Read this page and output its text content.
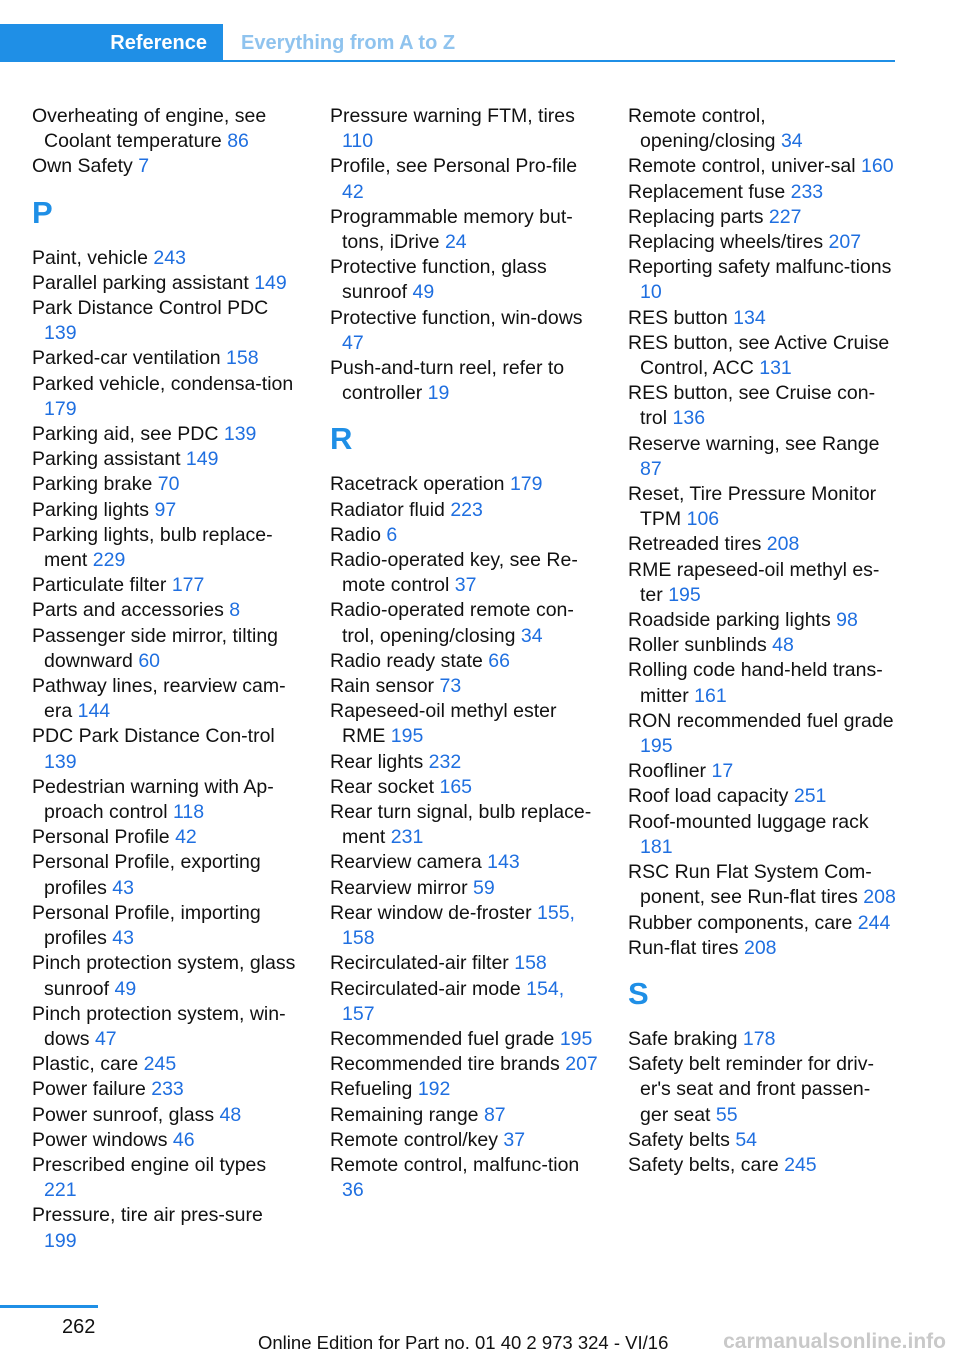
Reference	Everything from A to Z
Overheating of engine, see Coolant temperature 86
Own Safety 7
P
Paint, vehicle 243
Parallel parking assistant 149
Park Distance Control PDC 139
Parked-car ventilation 158
Parked vehicle, condensa-tion 179
Parking aid, see PDC 139
Parking assistant 149
Parking brake 70
Parking lights 97
Parking lights, bulb replace-ment 229
Particulate filter 177
Parts and accessories 8
Passenger side mirror, tilting downward 60
Pathway lines, rearview cam-era 144
PDC Park Distance Con-trol 139
Pedestrian warning with Ap-proach control 118
Personal Profile 42
Personal Profile, exporting profiles 43
Personal Profile, importing profiles 43
Pinch protection system, glass sunroof 49
Pinch protection system, win-dows 47
Plastic, care 245
Power failure 233
Power sunroof, glass 48
Power windows 46
Prescribed engine oil types 221
Pressure, tire air pres-sure 199
Pressure warning FTM, tires 110
Profile, see Personal Pro-file 42
Programmable memory but-tons, iDrive 24
Protective function, glass sunroof 49
Protective function, win-dows 47
Push-and-turn reel, refer to controller 19
R
Racetrack operation 179
Radiator fluid 223
Radio 6
Radio-operated key, see Re-mote control 37
Radio-operated remote con-trol, opening/closing 34
Radio ready state 66
Rain sensor 73
Rapeseed-oil methyl ester RME 195
Rear lights 232
Rear socket 165
Rear turn signal, bulb replace-ment 231
Rearview camera 143
Rearview mirror 59
Rear window de-froster 155, 158
Recirculated-air filter 158
Recirculated-air mode 154, 157
Recommended fuel grade 195
Recommended tire brands 207
Refueling 192
Remaining range 87
Remote control/key 37
Remote control, malfunc-tion 36
Remote control, opening/closing 34
Remote control, univer-sal 160
Replacement fuse 233
Replacing parts 227
Replacing wheels/tires 207
Reporting safety malfunc-tions 10
RES button 134
RES button, see Active Cruise Control, ACC 131
RES button, see Cruise con-trol 136
Reserve warning, see Range 87
Reset, Tire Pressure Monitor TPM 106
Retreaded tires 208
RME rapeseed-oil methyl es-ter 195
Roadside parking lights 98
Roller sunblinds 48
Rolling code hand-held trans-mitter 161
RON recommended fuel grade 195
Roofliner 17
Roof load capacity 251
Roof-mounted luggage rack 181
RSC Run Flat System Com-ponent, see Run-flat tires 208
Rubber components, care 244
Run-flat tires 208
S
Safe braking 178
Safety belt reminder for driv-er's seat and front passen-ger seat 55
Safety belts 54
Safety belts, care 245
262
Online Edition for Part no. 01 40 2 973 324 - VI/16	carmanualsonline.info
